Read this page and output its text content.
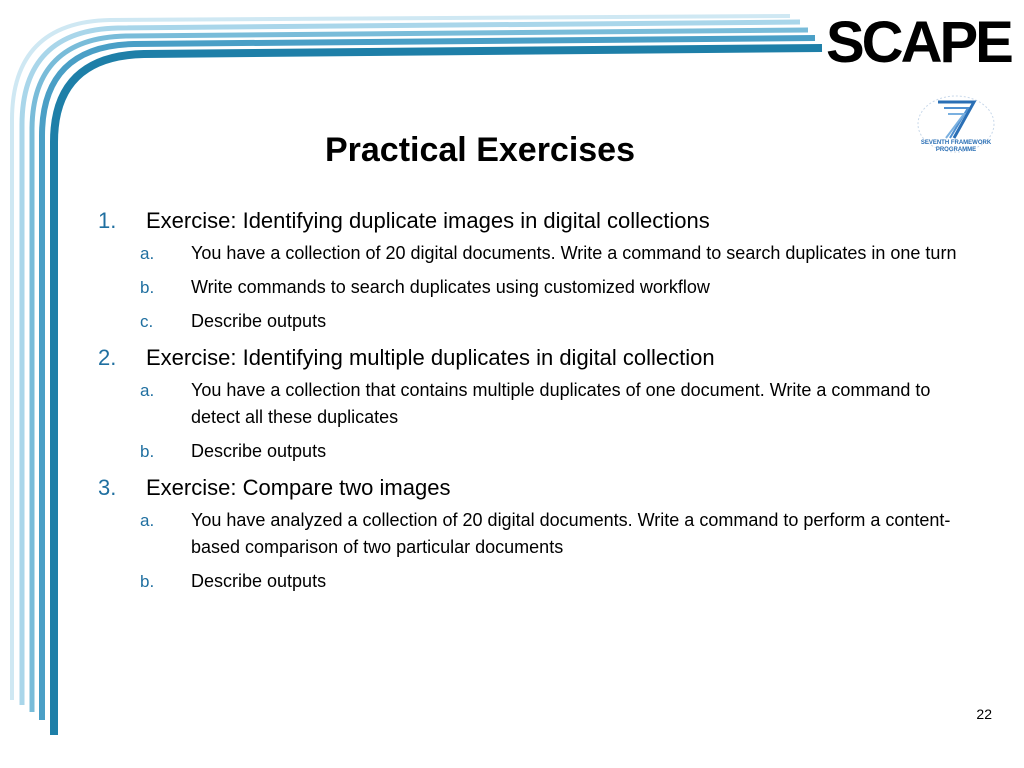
SCAPE
SEVENTH FRAMEWORK
PROGRAMME
Practical Exercises
1. Exercise: Identifying duplicate images in digital collections
a. You have a collection of 20 digital documents. Write a command to search duplicates in one turn
b. Write commands to search duplicates using customized workflow
c. Describe outputs
2. Exercise: Identifying multiple duplicates in digital collection
a. You have a collection that contains multiple duplicates of one document. Write a command to detect all these duplicates
b. Describe outputs
3. Exercise: Compare two images
a. You have analyzed a collection of 20 digital documents. Write a command to perform a content-based comparison of two particular documents
b. Describe outputs
22
